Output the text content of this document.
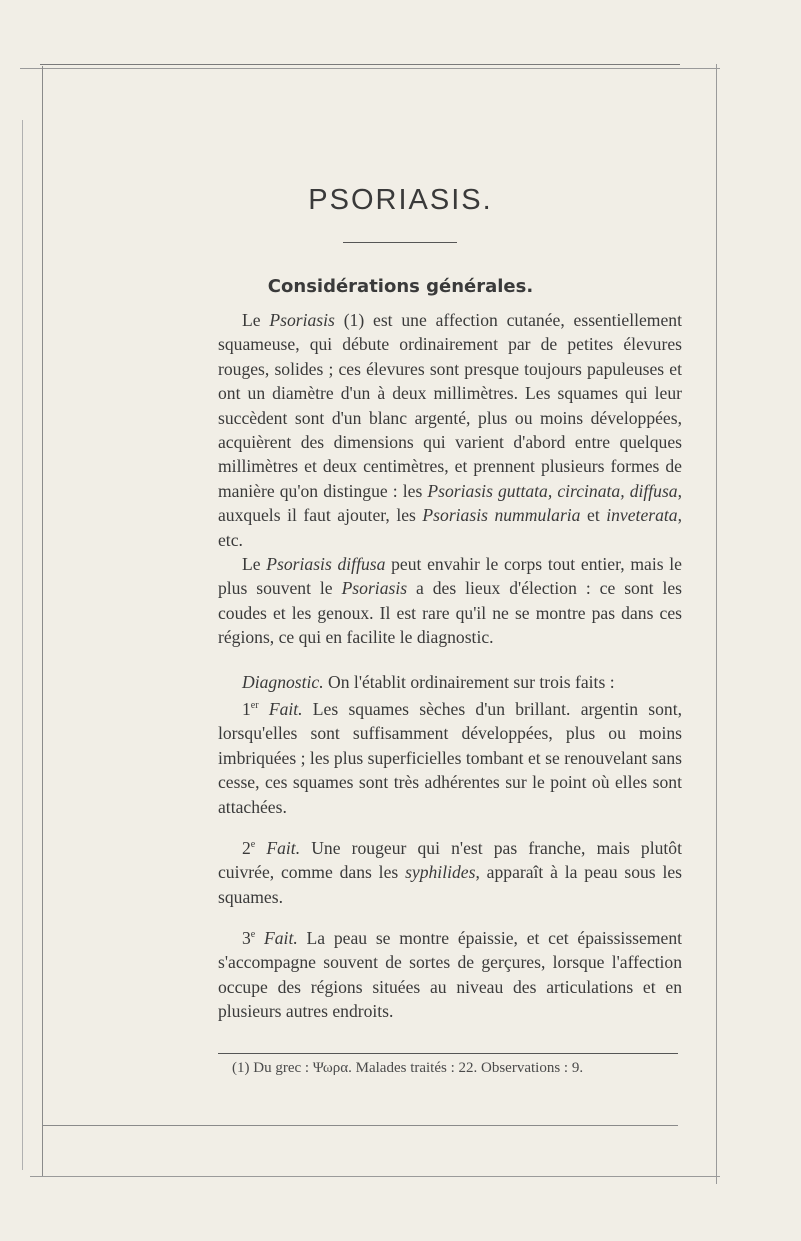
PSORIASIS.
Considérations générales.

Le Psoriasis (1) est une affection cutanée, essentiellement squameuse, qui débute ordinairement par de petites élevures rouges, solides ; ces élevures sont presque toujours papuleuses et ont un diamètre d'un à deux millimètres. Les squames qui leur succèdent sont d'un blanc argenté, plus ou moins développées, acquièrent des dimensions qui varient d'abord entre quelques millimètres et deux centimètres, et prennent plusieurs formes de manière qu'on distingue : les Psoriasis guttata, circinata, diffusa, auxquels il faut ajouter, les Psoriasis nummularia et inveterata, etc.

Le Psoriasis diffusa peut envahir le corps tout entier, mais le plus souvent le Psoriasis a des lieux d'élection : ce sont les coudes et les genoux. Il est rare qu'il ne se montre pas dans ces régions, ce qui en facilite le diagnostic.

Diagnostic. On l'établit ordinairement sur trois faits :

1er Fait. Les squames sèches d'un brillant. argentin sont, lorsqu'elles sont suffisamment développées, plus ou moins imbriquées ; les plus superficielles tombant et se renouvelant sans cesse, ces squames sont très adhérentes sur le point où elles sont attachées.

2e Fait. Une rougeur qui n'est pas franche, mais plutôt cuivrée, comme dans les syphilides, apparaît à la peau sous les squames.

3e Fait. La peau se montre épaissie, et cet épaississement s'accompagne souvent de sortes de gerçures, lorsque l'affection occupe des régions situées au niveau des articulations et en plusieurs autres endroits.

(1) Du grec : Ψωρα. Malades traités : 22. Observations : 9.
